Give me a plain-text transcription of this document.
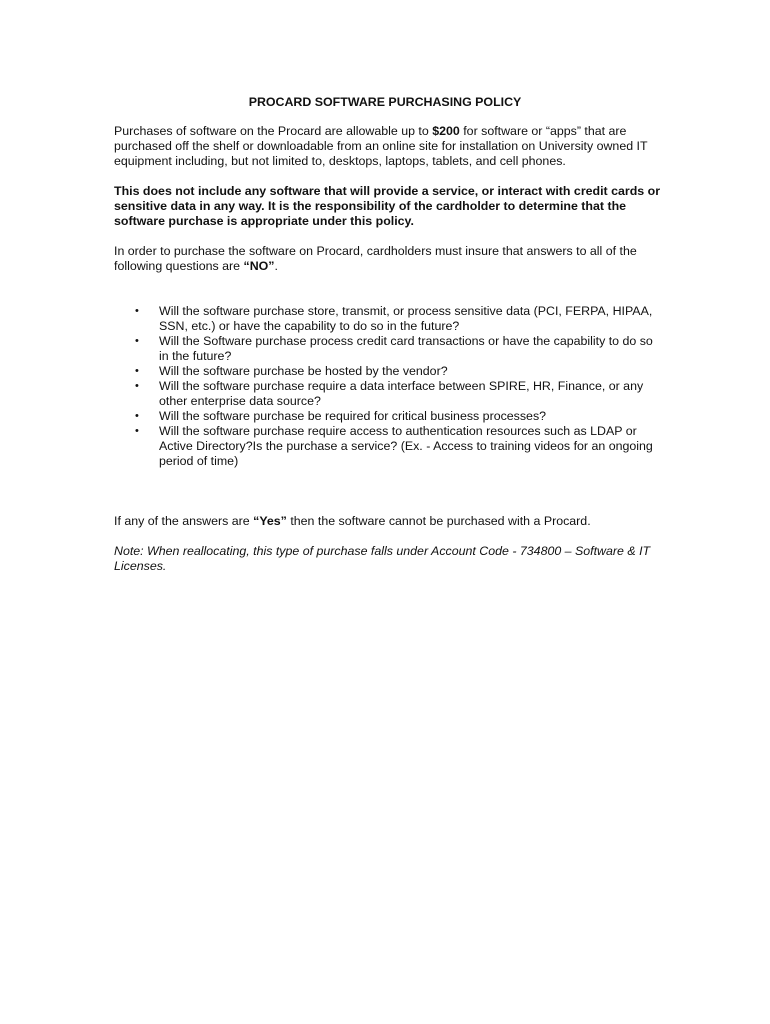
PROCARD SOFTWARE PURCHASING POLICY

Purchases of software on the Procard are allowable up to $200 for software or “apps” that are purchased off the shelf or downloadable from an online site for installation on University owned IT equipment including, but not limited to, desktops, laptops, tablets, and cell phones.

This does not include any software that will provide a service, or interact with credit cards or sensitive data in any way. It is the responsibility of the cardholder to determine that the software purchase is appropriate under this policy.

In order to purchase the software on Procard, cardholders must insure that answers to all of the following questions are “NO”.

• Will the software purchase store, transmit, or process sensitive data (PCI, FERPA, HIPAA, SSN, etc.) or have the capability to do so in the future?
• Will the Software purchase process credit card transactions or have the capability to do so in the future?
• Will the software purchase be hosted by the vendor?
• Will the software purchase require a data interface between SPIRE, HR, Finance, or any other enterprise data source?
• Will the software purchase be required for critical business processes?
• Will the software purchase require access to authentication resources such as LDAP or Active Directory?Is the purchase a service? (Ex. - Access to training videos for an ongoing period of time)

If any of the answers are “Yes” then the software cannot be purchased with a Procard.

Note: When reallocating, this type of purchase falls under Account Code - 734800 – Software & IT Licenses.
